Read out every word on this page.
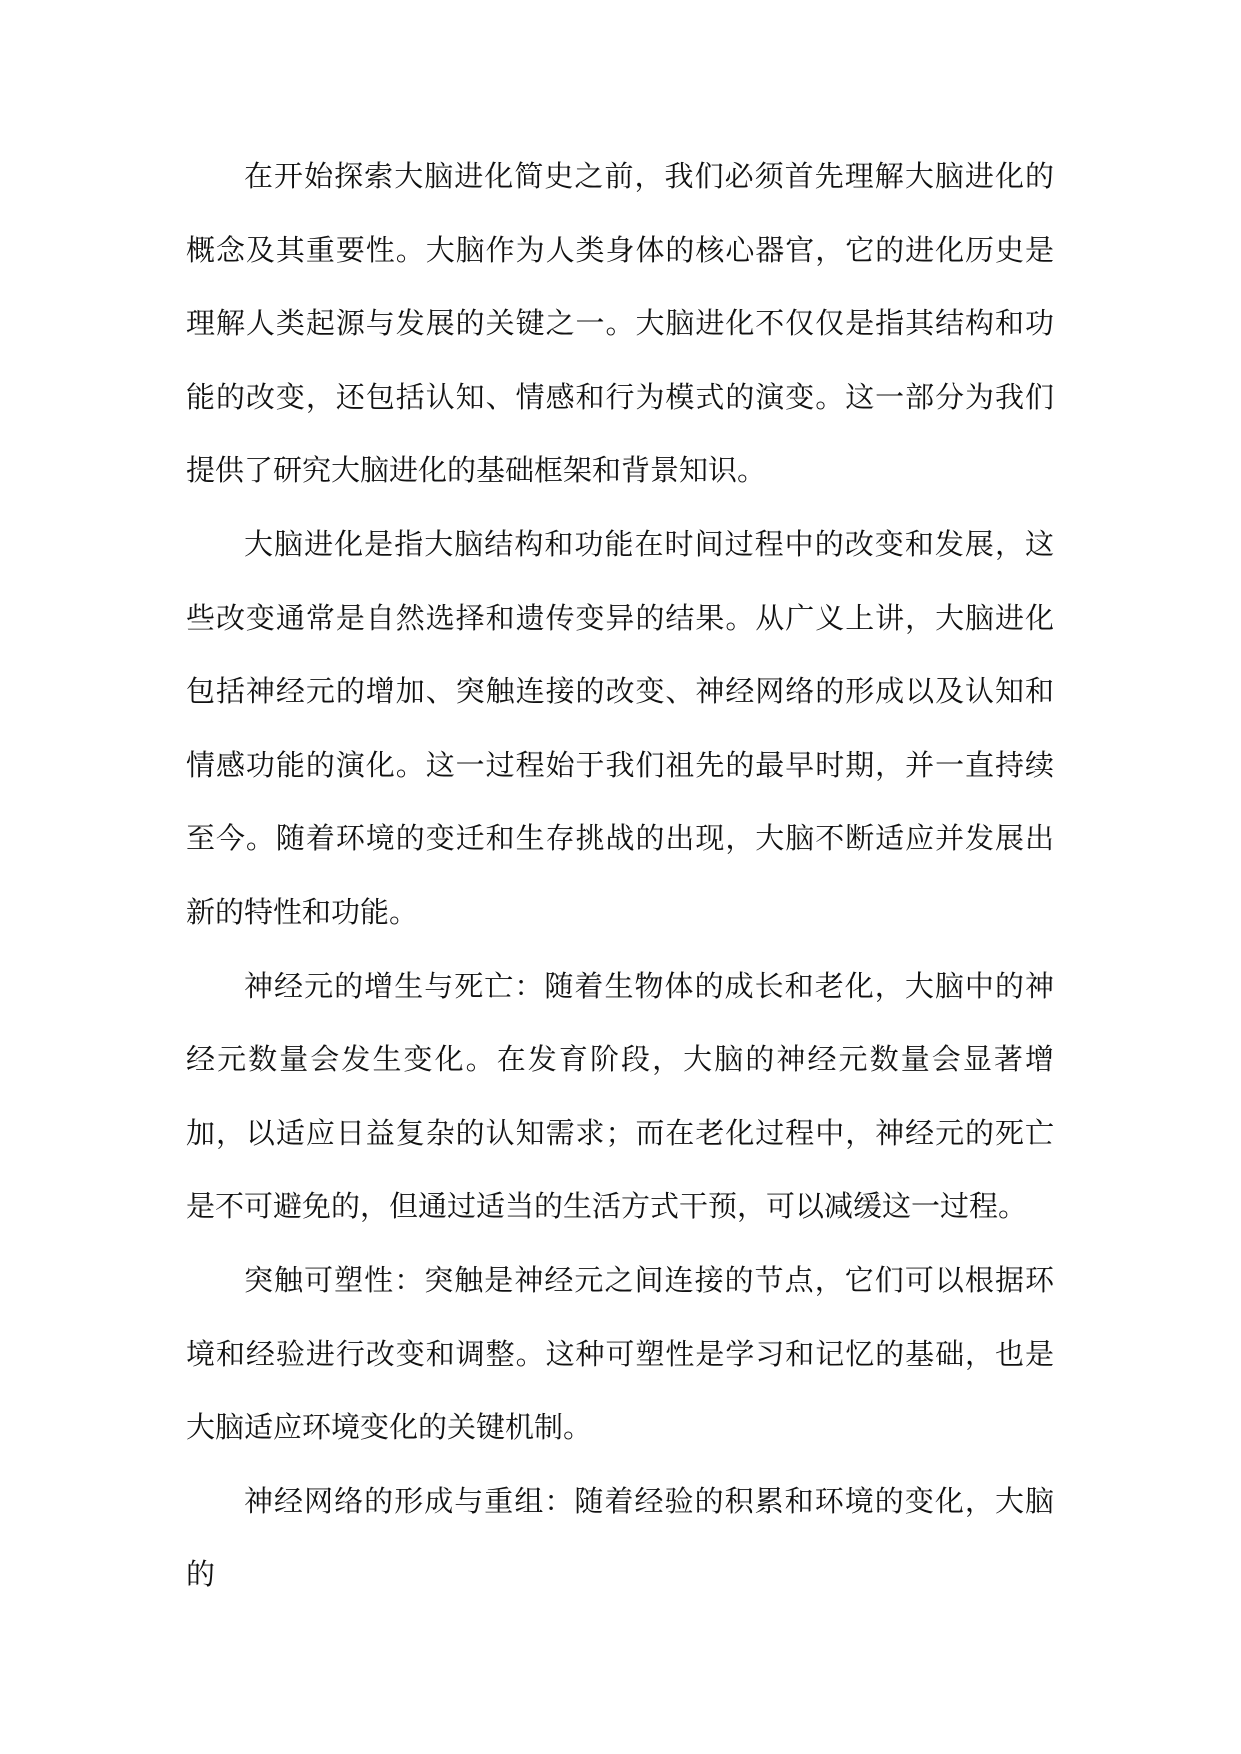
在开始探索大脑进化简史之前，我们必须首先理解大脑进化的概念及其重要性。大脑作为人类身体的核心器官，它的进化历史是理解人类起源与发展的关键之一。大脑进化不仅仅是指其结构和功能的改变，还包括认知、情感和行为模式的演变。这一部分为我们提供了研究大脑进化的基础框架和背景知识。

大脑进化是指大脑结构和功能在时间过程中的改变和发展，这些改变通常是自然选择和遗传变异的结果。从广义上讲，大脑进化包括神经元的增加、突触连接的改变、神经网络的形成以及认知和情感功能的演化。这一过程始于我们祖先的最早时期，并一直持续至今。随着环境的变迁和生存挑战的出现，大脑不断适应并发展出新的特性和功能。

神经元的增生与死亡：随着生物体的成长和老化，大脑中的神经元数量会发生变化。在发育阶段，大脑的神经元数量会显著增加，以适应日益复杂的认知需求；而在老化过程中，神经元的死亡是不可避免的，但通过适当的生活方式干预，可以减缓这一过程。

突触可塑性：突触是神经元之间连接的节点，它们可以根据环境和经验进行改变和调整。这种可塑性是学习和记忆的基础，也是大脑适应环境变化的关键机制。

神经网络的形成与重组：随着经验的积累和环境的变化，大脑的
